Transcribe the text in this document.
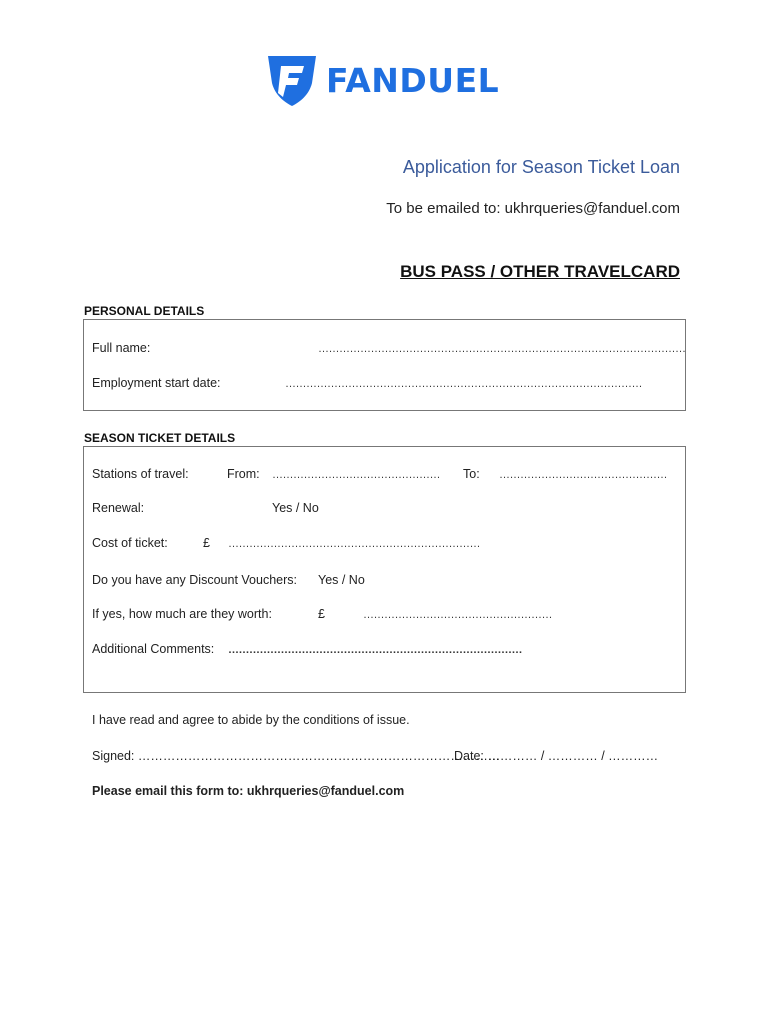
FANDUEL
Application for Season Ticket Loan
To be emailed to: ukhrqueries@fanduel.com
BUS PASS / OTHER TRAVELCARD
PERSONAL DETAILS
Full name:	……………………………………………………………………………………………
Employment start date:	…………………………………………………………………………………………
SEASON TICKET DETAILS
Stations of travel:	From: ………………………………………… To: …………………………………………
Renewal:	Yes / No
Cost of ticket:	£ ………………………………………………………………
Do you have any Discount Vouchers: Yes / No
If yes, how much are they worth:	£	………………………………………………
Additional Comments: …………………………………………………………………………
I have read and agree to abide by the conditions of issue.
Signed: ……………………………………………………………………………
Date: ………… / ………… / …………
Please email this form to: ukhrqueries@fanduel.com
